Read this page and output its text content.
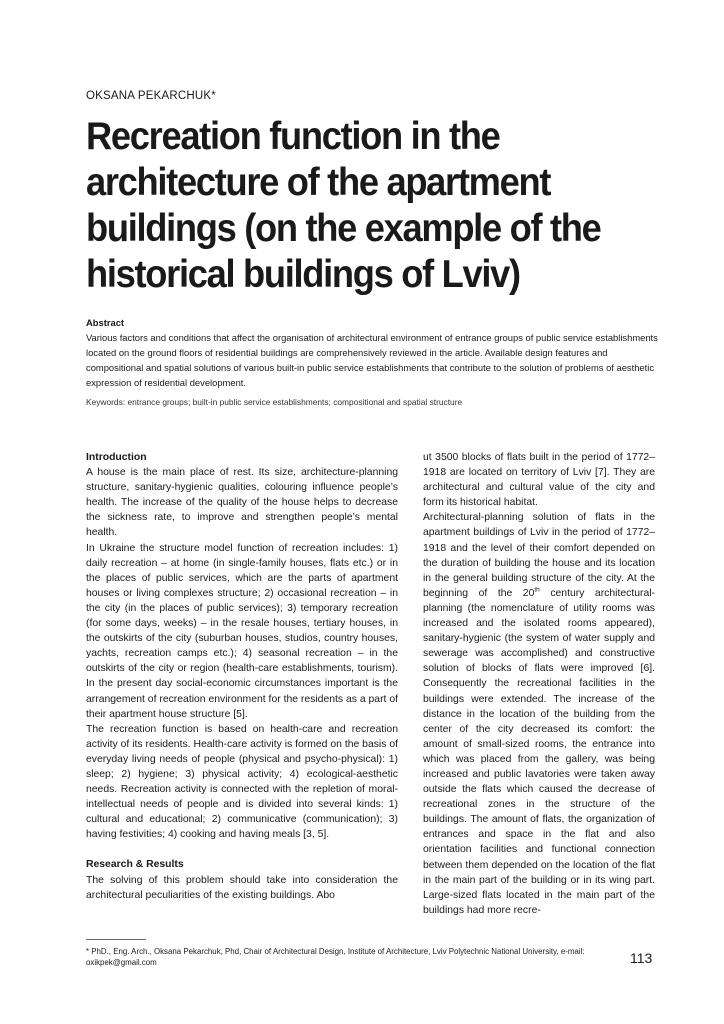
OKSANA PEKARCHUK*
Recreation function in the architecture of the apartment buildings (on the example of the historical buildings of Lviv)
Abstract
Various factors and conditions that affect the organisation of architectural environment of entrance groups of public service establishments located on the ground floors of residential buildings are comprehensively reviewed in the article. Available design features and compositional and spatial solutions of various built-in public service establishments that contribute to the solution of problems of aesthetic expression of residential development.
Keywords: entrance groups; built-in public service establishments; compositional and spatial structure

Introduction

A house is the main place of rest. Its size, architecture-planning structure, sanitary-hygienic qualities, colouring influence people’s health. The increase of the quality of the house helps to decrease the sickness rate, to improve and strengthen people’s mental health.

In Ukraine the structure model function of recreation includes: 1) daily recreation – at home (in single-family houses, flats etc.) or in the places of public services, which are the parts of apartment houses or living complexes structure; 2) occasional recreation – in the city (in the places of public services); 3) temporary recreation (for some days, weeks) – in the resale houses, tertiary houses, in the outskirts of the city (suburban houses, studios, country houses, yachts, recreation camps etc.); 4) seasonal recreation – in the outskirts of the city or region (health-care establishments, tourism). In the present day social-economic circumstances important is the arrangement of recreation environment for the residents as a part of their apartment house structure [5].

The recreation function is based on health-care and recreation activity of its residents. Health-care activity is formed on the basis of everyday living needs of people (physical and psycho-physical): 1) sleep; 2) hygiene; 3) physical activity; 4) ecological-aesthetic needs. Recreation activity is connected with the repletion of moral-intellectual needs of people and is divided into several kinds: 1) cultural and educational; 2) communicative (communication); 3) having festivities; 4) cooking and having meals [3, 5].

Research & Results

The solving of this problem should take into consideration the architectural peculiarities of the existing buildings. Abo

ut 3500 blocks of flats built in the period of 1772–1918 are located on territory of Lviv [7]. They are architectural and cultural value of the city and form its historical habitat.

Architectural-planning solution of flats in the apartment buildings of Lviv in the period of 1772–1918 and the level of their comfort depended on the duration of building the house and its location in the general building structure of the city. At the beginning of the 20th century architectural-planning (the nomenclature of utility rooms was increased and the isolated rooms appeared), sanitary-hygienic (the system of water supply and sewerage was accomplished) and constructive solution of blocks of flats were improved [6]. Consequently the recreational facilities in the buildings were extended. The increase of the distance in the location of the building from the center of the city decreased its comfort: the amount of small-sized rooms, the entrance into which was placed from the gallery, was being increased and public lavatories were taken away outside the flats which caused the decrease of recreational zones in the structure of the buildings. The amount of flats, the organization of entrances and space in the flat and also orientation facilities and functional connection between them depended on the location of the flat in the main part of the building or in its wing part. Large-sized flats located in the main part of the buildings had more recre-

* PhD., Eng. Arch., Oksana Pekarchuk, Phd, Chair of Architectural Design, Institute of Architecture, Lviv Polytechnic National University, e-mail: oxikpek@gmail.com	113
